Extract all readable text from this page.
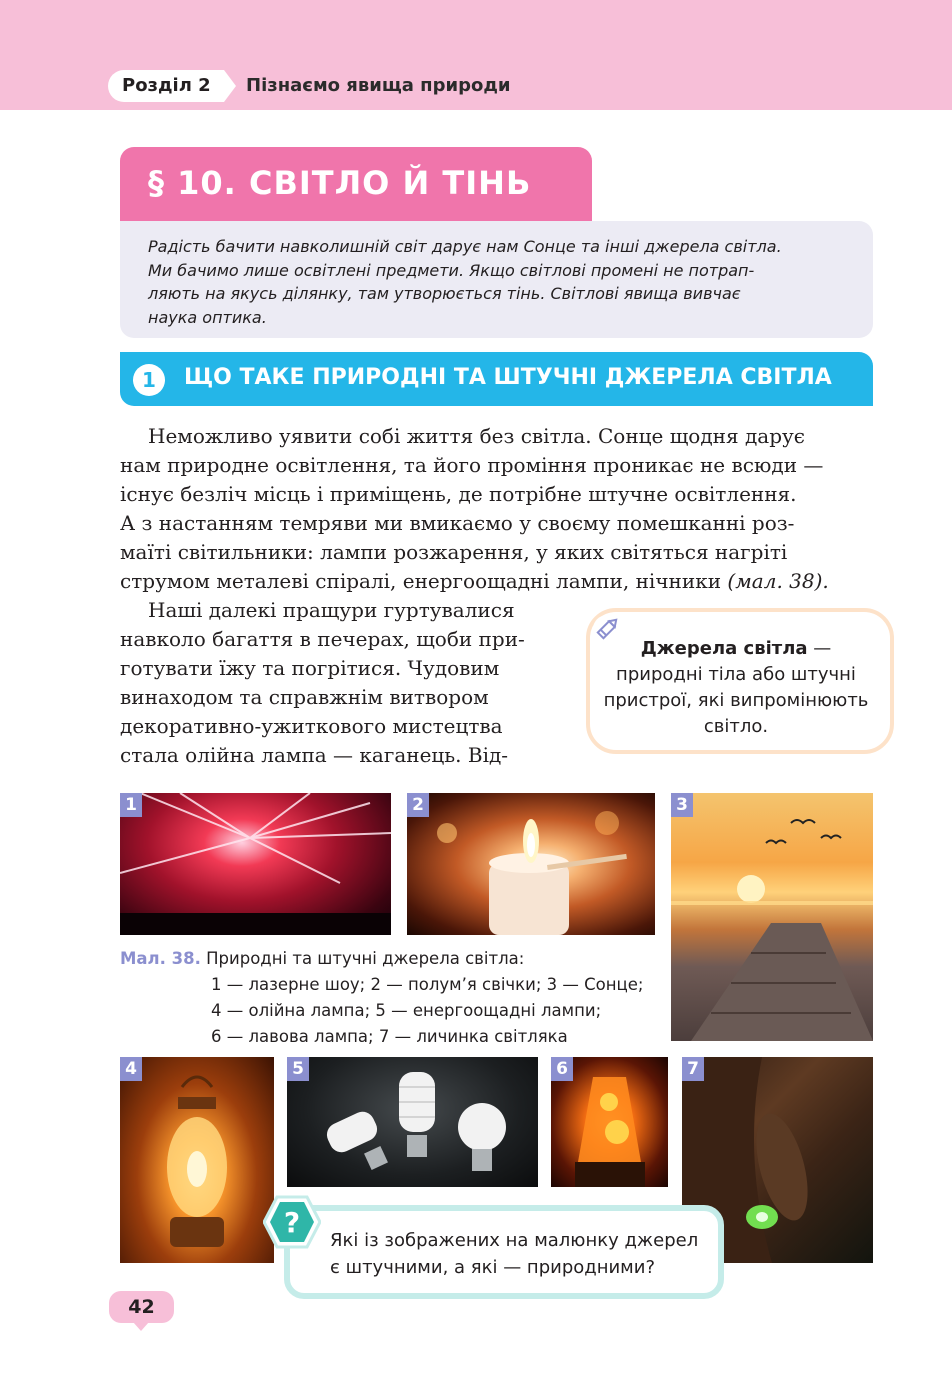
Розділ 2	Пізнаємо явища природи
§ 10. СВІТЛО Й ТІНЬ
Радість бачити навколишній світ дарує нам Сонце та інші джерела світла.
Ми бачимо лише освітлені предмети. Якщо світлові промені не потрап-
ляють на якусь ділянку, там утворюється тінь. Світлові явища вивчає
наука оптика.
1	ЩО ТАКЕ ПРИРОДНІ ТА ШТУЧНІ ДЖЕРЕЛА СВІТЛА
Неможливо уявити собі життя без світла. Сонце щодня дарує
нам природне освітлення, та його проміння проникає не всюди —
існує безліч місць і приміщень, де потрібне штучне освітлення.
А з настанням темряви ми вмикаємо у своєму помешканні роз-
маїті світильники: лампи розжарення, у яких світяться нагріті
струмом металеві спіралі, енергоощадні лампи, нічники (мал. 38).
Наші далекі пращури гуртувалися
навколо багаття в печерах, щоби при-
готувати їжу та погрітися. Чудовим
винаходом та справжнім витвором
декоративно-ужиткового мистецтва
стала олійна лампа — каганець. Від-
Джерела світла —
природні тіла або штучні
пристрої, які випромінюють
світло.
1	2	3
4	5	6	7
Мал. 38. Природні та штучні джерела світла:
1 — лазерне шоу; 2 — полум’я свічки; 3 — Сонце;
4 — олійна лампа; 5 — енергоощадні лампи;
6 — лавова лампа; 7 — личинка світляка
?
Які із зображених на малюнку джерел
є штучними, а які — природними?
42
